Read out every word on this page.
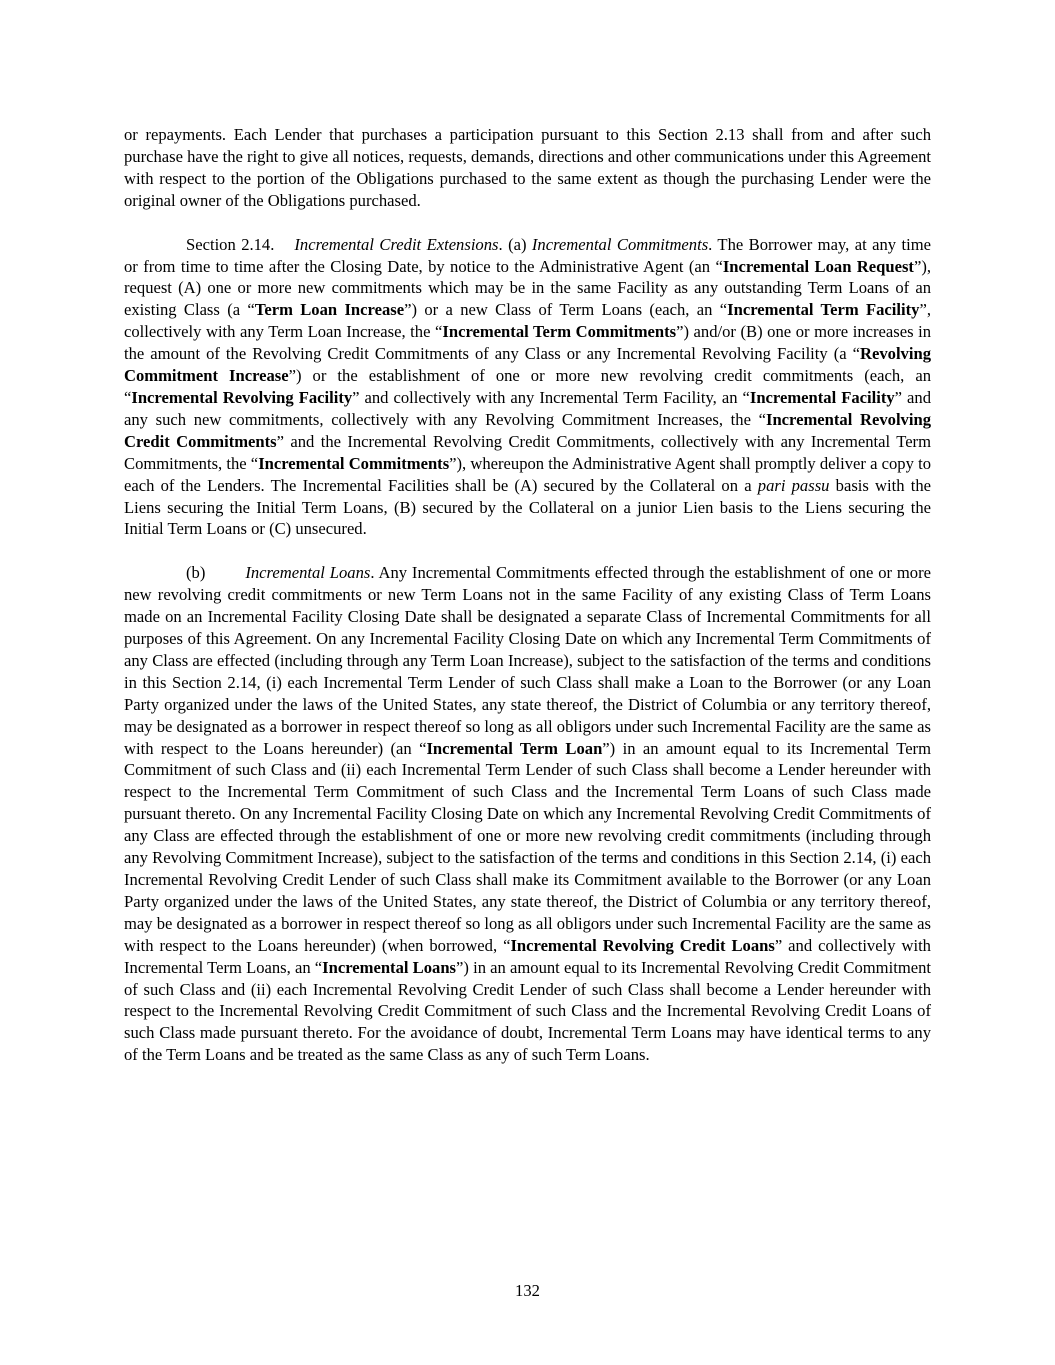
or repayments. Each Lender that purchases a participation pursuant to this Section 2.13 shall from and after such purchase have the right to give all notices, requests, demands, directions and other communications under this Agreement with respect to the portion of the Obligations purchased to the same extent as though the purchasing Lender were the original owner of the Obligations purchased.

Section 2.14. Incremental Credit Extensions. (a) Incremental Commitments. The Borrower may, at any time or from time to time after the Closing Date, by notice to the Administrative Agent (an “Incremental Loan Request”), request (A) one or more new commitments which may be in the same Facility as any outstanding Term Loans of an existing Class (a “Term Loan Increase”) or a new Class of Term Loans (each, an “Incremental Term Facility”, collectively with any Term Loan Increase, the “Incremental Term Commitments”) and/or (B) one or more increases in the amount of the Revolving Credit Commitments of any Class or any Incremental Revolving Facility (a “Revolving Commitment Increase”) or the establishment of one or more new revolving credit commitments (each, an “Incremental Revolving Facility” and collectively with any Incremental Term Facility, an “Incremental Facility” and any such new commitments, collectively with any Revolving Commitment Increases, the “Incremental Revolving Credit Commitments” and the Incremental Revolving Credit Commitments, collectively with any Incremental Term Commitments, the “Incremental Commitments”), whereupon the Administrative Agent shall promptly deliver a copy to each of the Lenders. The Incremental Facilities shall be (A) secured by the Collateral on a pari passu basis with the Liens securing the Initial Term Loans, (B) secured by the Collateral on a junior Lien basis to the Liens securing the Initial Term Loans or (C) unsecured.

(b) Incremental Loans. Any Incremental Commitments effected through the establishment of one or more new revolving credit commitments or new Term Loans not in the same Facility of any existing Class of Term Loans made on an Incremental Facility Closing Date shall be designated a separate Class of Incremental Commitments for all purposes of this Agreement. On any Incremental Facility Closing Date on which any Incremental Term Commitments of any Class are effected (including through any Term Loan Increase), subject to the satisfaction of the terms and conditions in this Section 2.14, (i) each Incremental Term Lender of such Class shall make a Loan to the Borrower (or any Loan Party organized under the laws of the United States, any state thereof, the District of Columbia or any territory thereof, may be designated as a borrower in respect thereof so long as all obligors under such Incremental Facility are the same as with respect to the Loans hereunder) (an “Incremental Term Loan”) in an amount equal to its Incremental Term Commitment of such Class and (ii) each Incremental Term Lender of such Class shall become a Lender hereunder with respect to the Incremental Term Commitment of such Class and the Incremental Term Loans of such Class made pursuant thereto. On any Incremental Facility Closing Date on which any Incremental Revolving Credit Commitments of any Class are effected through the establishment of one or more new revolving credit commitments (including through any Revolving Commitment Increase), subject to the satisfaction of the terms and conditions in this Section 2.14, (i) each Incremental Revolving Credit Lender of such Class shall make its Commitment available to the Borrower (or any Loan Party organized under the laws of the United States, any state thereof, the District of Columbia or any territory thereof, may be designated as a borrower in respect thereof so long as all obligors under such Incremental Facility are the same as with respect to the Loans hereunder) (when borrowed, “Incremental Revolving Credit Loans” and collectively with Incremental Term Loans, an “Incremental Loans”) in an amount equal to its Incremental Revolving Credit Commitment of such Class and (ii) each Incremental Revolving Credit Lender of such Class shall become a Lender hereunder with respect to the Incremental Revolving Credit Commitment of such Class and the Incremental Revolving Credit Loans of such Class made pursuant thereto. For the avoidance of doubt, Incremental Term Loans may have identical terms to any of the Term Loans and be treated as the same Class as any of such Term Loans.

132
